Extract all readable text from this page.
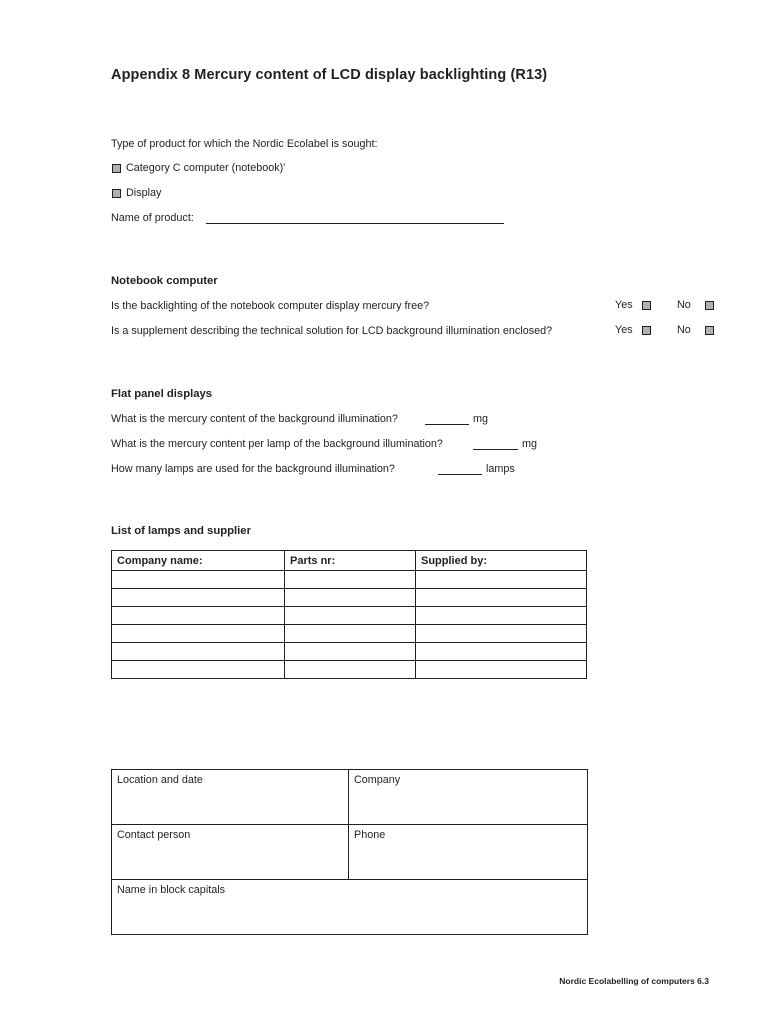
Appendix 8 Mercury content of LCD display backlighting (R13)
Type of product for which the Nordic Ecolabel is sought:
Category C computer (notebook)'
Display
Name of product:
Notebook computer
Is the backlighting of the notebook computer display mercury free?	Yes	No
Is a supplement describing the technical solution for LCD background illumination enclosed?	Yes	No
Flat panel displays
What is the mercury content of the background illumination?	mg
What is the mercury content per lamp of the background illumination?	mg
How many lamps are used for the background illumination?	lamps
List of lamps and supplier
Company name:	Parts nr:	Supplied by:

Location and date	Company
Contact person	Phone
Name in block capitals	
Nordic Ecolabelling of computers 6.3
